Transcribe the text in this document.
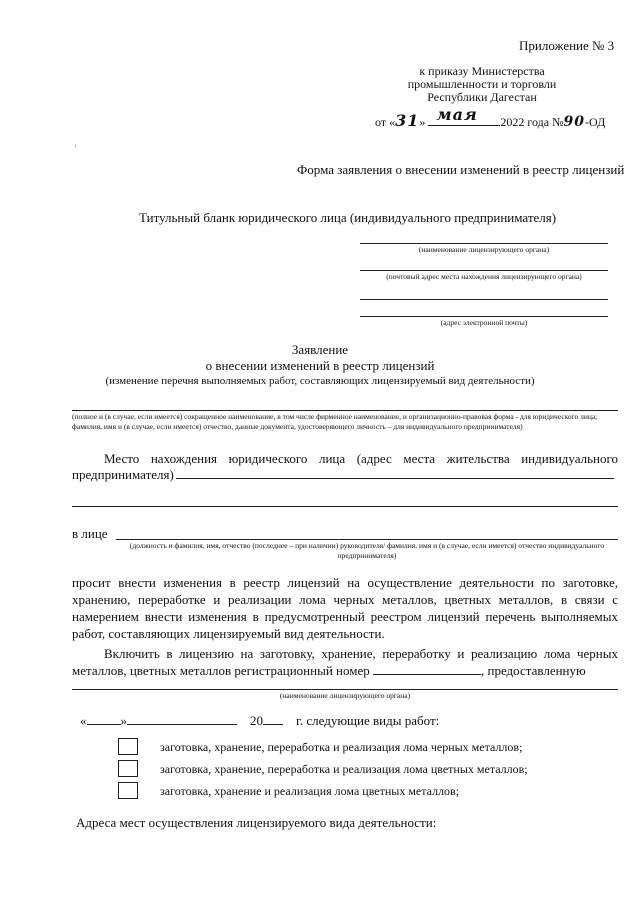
Приложение № 3
к приказу Министерства
промышленности и торговли
Республики Дагестан
от «31» мая 2022 года №90-ОД
·
Форма заявления о внесении изменений в реестр лицензий
Титульный бланк юридического лица (индивидуального предпринимателя)
(наименование лицензирующего органа)
(почтовый адрес места нахождения лицензирующего органа)
(адрес электронной почты)
Заявление
о внесении изменений в реестр лицензий
(изменение перечня выполняемых работ, составляющих лицензируемый вид деятельности)
(полное и (в случае, если имеется) сокращенное наименование, в том числе фирменное наименование, и организационно-правовая форма - для юридического лица; фамилия, имя и (в случае, если имеется) отчество, данные документа, удостоверяющего личность – для индивидуального предпринимателя)
Место нахождения юридического лица (адрес места жительства индивидуального предпринимателя)
в лице
(должность и фамилия, имя, отчество (последнее – при наличии) руководителя/ фамилия, имя и (в случае, если имеется) отчество индивидуального предпринимателя)
просит внести изменения в реестр лицензий на осуществление деятельности по заготовке, хранению, переработке и реализации лома черных металлов, цветных металлов, в связи с намерением внести изменения в предусмотренный реестром лицензий перечень выполняемых работ, составляющих лицензируемый вид деятельности.
Включить в лицензию на заготовку, хранение, переработку и реализацию лома черных металлов, цветных металлов регистрационный номер	, предоставленную
(наименование лицензирующего органа)
«	»	20	г. следующие виды работ:
заготовка, хранение, переработка и реализация лома черных металлов;
заготовка, хранение, переработка и реализация лома цветных металлов;
заготовка, хранение и реализация лома цветных металлов;
Адреса мест осуществления лицензируемого вида деятельности:
